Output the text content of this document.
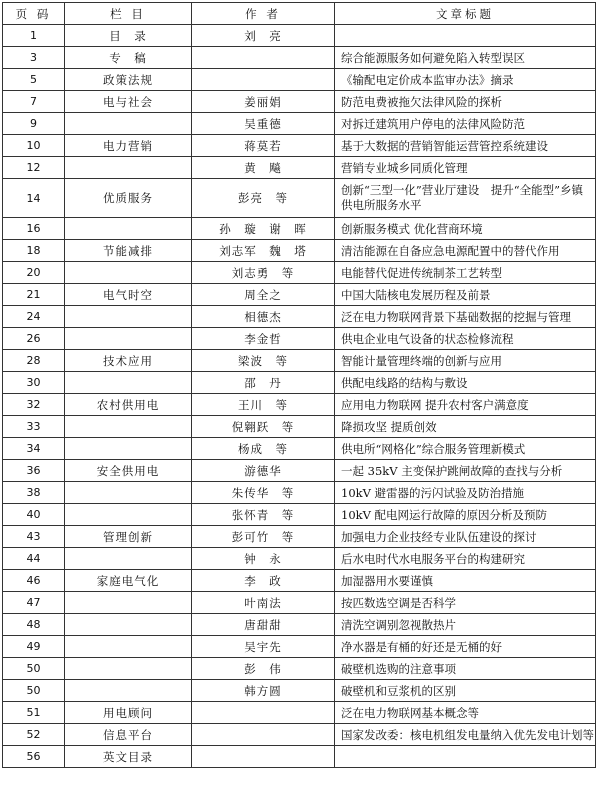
页 码	栏 目	作 者	文章标题
1	目　录	刘　亮	
3	专　稿		综合能源服务如何避免陷入转型误区
5	政策法规		《输配电定价成本监审办法》摘录
7	电与社会	姜丽娟	防范电费被拖欠法律风险的探析
9		吴重德	对拆迁建筑用户停电的法律风险防范
10	电力营销	蒋莫若	基于大数据的营销智能运营管控系统建设
12		黄　飚	营销专业城乡同质化管理
14	优质服务	彭亮　等	创新“三型一化”营业厅建设　提升“全能型”乡镇供电所服务水平
16		孙　璇　谢　晖	创新服务模式 优化营商环境
18	节能减排	刘志军　魏　塔	清洁能源在自备应急电源配置中的替代作用
20		刘志勇　等	电能替代促进传统制茶工艺转型
21	电气时空	周全之	中国大陆核电发展历程及前景
24		相德杰	泛在电力物联网背景下基础数据的挖掘与管理
26		李金哲	供电企业电气设备的状态检修流程
28	技术应用	梁波　等	智能计量管理终端的创新与应用
30		邵　丹	供配电线路的结构与敷设
32	农村供用电	王川　等	应用电力物联网 提升农村客户满意度
33		倪翱跃　等	降损攻坚 提质创效
34		杨成　等	供电所“网格化”综合服务管理新模式
36	安全供用电	游德华	一起 35kV 主变保护跳闸故障的查找与分析
38		朱传华　等	10kV 避雷器的污闪试验及防治措施
40		张怀青　等	10kV 配电网运行故障的原因分析及预防
43	管理创新	彭可竹　等	加强电力企业技经专业队伍建设的探讨
44		钟　永	后水电时代水电服务平台的构建研究
46	家庭电气化	李　政	加湿器用水要谨慎
47		叶南法	按匹数选空调是否科学
48		唐甜甜	清洗空调别忽视散热片
49		吴宇先	净水器是有桶的好还是无桶的好
50		彭　伟	破壁机选购的注意事项
50		韩方圆	破壁机和豆浆机的区别
51	用电顾问		泛在电力物联网基本概念等
52	信息平台		国家发改委：核电机组发电量纳入优先发电计划等
56	英文目录		
